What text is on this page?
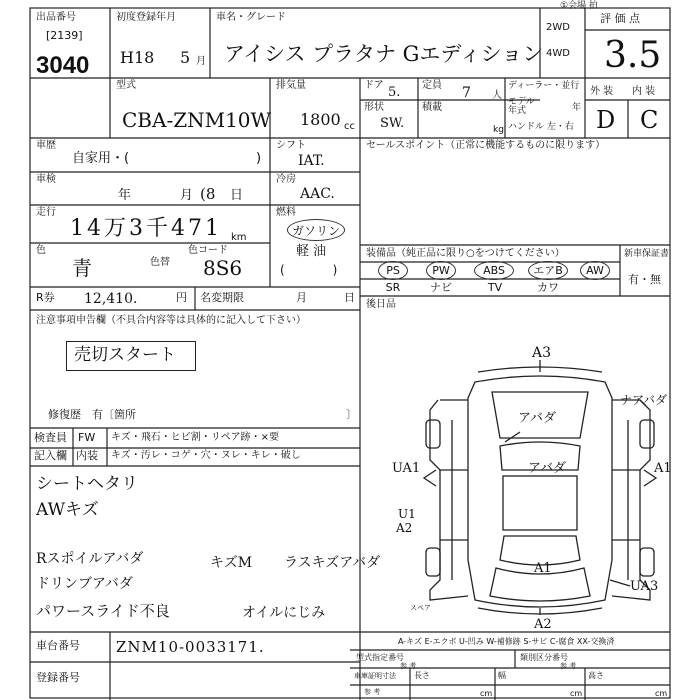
①会場 拍
出品番号
[2139]
3040
初度登録年月
H18 5 月
車名・グレード
アイシス プラタナ Gエディション
2WD
4WD
評 価 点
3.5
型式
CBA-ZNM10W
排気量
1800 cc
ドア 5. 定員 7 人
ディーラー・並行
モデル
年式	年
ハンドル 左・右
形状
SW.
積載
kg
外 装 内 装
D C
車歴
自家用・(	)
シフト
IAT.
車検
年	月 (8 日
冷房
AAC.
走行
14万3千471 km
燃料
ガソリン
軽 油
(　　　　)
色
青	色替
色コード
8S6
R券 12,410.	円 名変期限	月	日
注意事項申告欄（不具合内容等は具体的に記入して下さい）
売切スタート
修復歴　有〔箇所	〕
検査員 FW キズ・飛石・ヒビ割・リペア跡・×要
記入欄 内装 キズ・汚レ・コゲ・穴・ヌレ・キレ・破し
シートヘタリ
AWキズ
Rスポイルアバダ
ドリンブアバダ
パワースライド不良
キズM ラスキズアバダ
オイルにじみ
セールスポイント（正常に機能するものに限ります）
装備品（純正品に限り○をつけてください）	新車保証書
有・無
PS	PW	ABS	エアB	AW
SR	ナビ	TV	カワ
後日品
A3
ナアバダ
アバダ
アバダ
UA1	A1
U1
A2
A1
A2
UA3
スペア
A-キズ E-エクボ U-凹み W-補修跡 S-サビ C-腐食 XX-交換済
車台番号 ZNM10-0033171.
登録番号
型式指定番号
参 考
類別区分番号
参 考
車庫証明寸法
参 考
長さ
cm
幅
cm
高さ
cm
